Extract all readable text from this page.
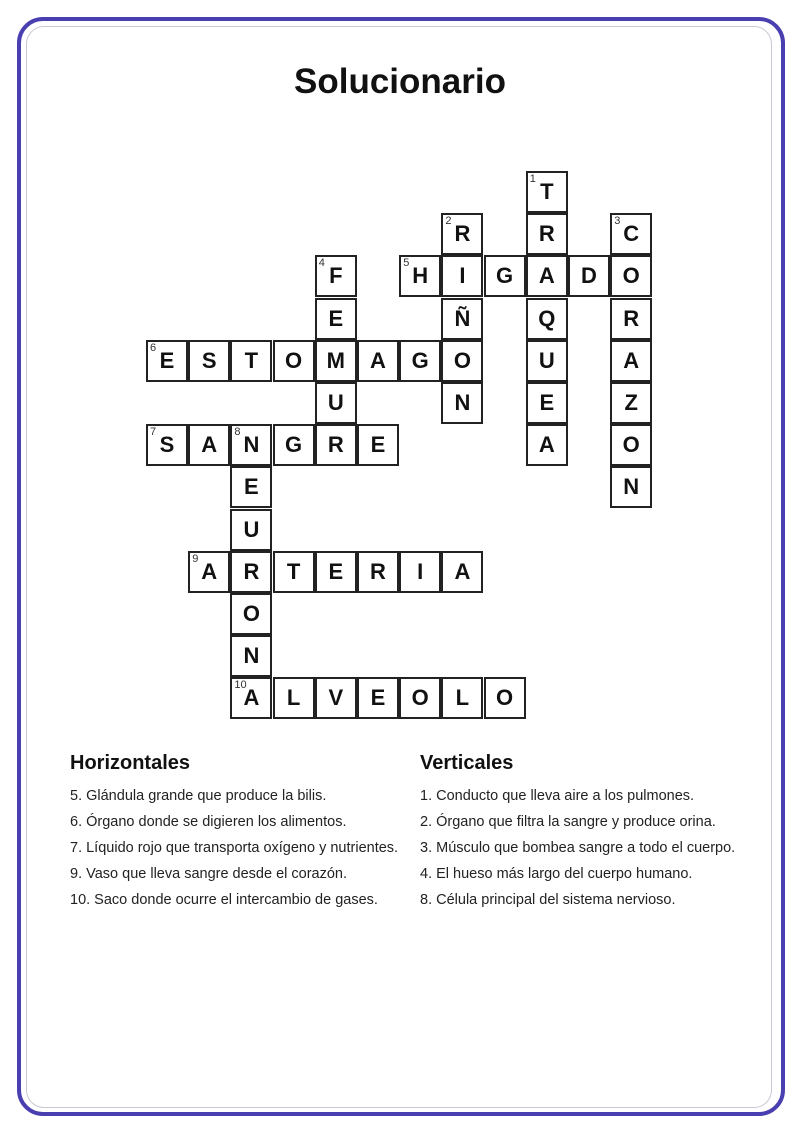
Solucionario
1 T
2 R	R	3 C
4 F	5 H I G A D O
E	Ñ	Q	R
6 E S T O M A G O	U	A
U	N	E	Z
7 S A 8 N G R E	A	O
E	N
U
9 A R T E R I A
O
N
10
A L V E O L O
Horizontales
5. Glándula grande que produce la bilis.
6. Órgano donde se digieren los alimentos.
7. Líquido rojo que transporta oxígeno y nutrientes.
9. Vaso que lleva sangre desde el corazón.
10. Saco donde ocurre el intercambio de gases.
Verticales
1. Conducto que lleva aire a los pulmones.
2. Órgano que filtra la sangre y produce orina.
3. Músculo que bombea sangre a todo el cuerpo.
4. El hueso más largo del cuerpo humano.
8. Célula principal del sistema nervioso.
